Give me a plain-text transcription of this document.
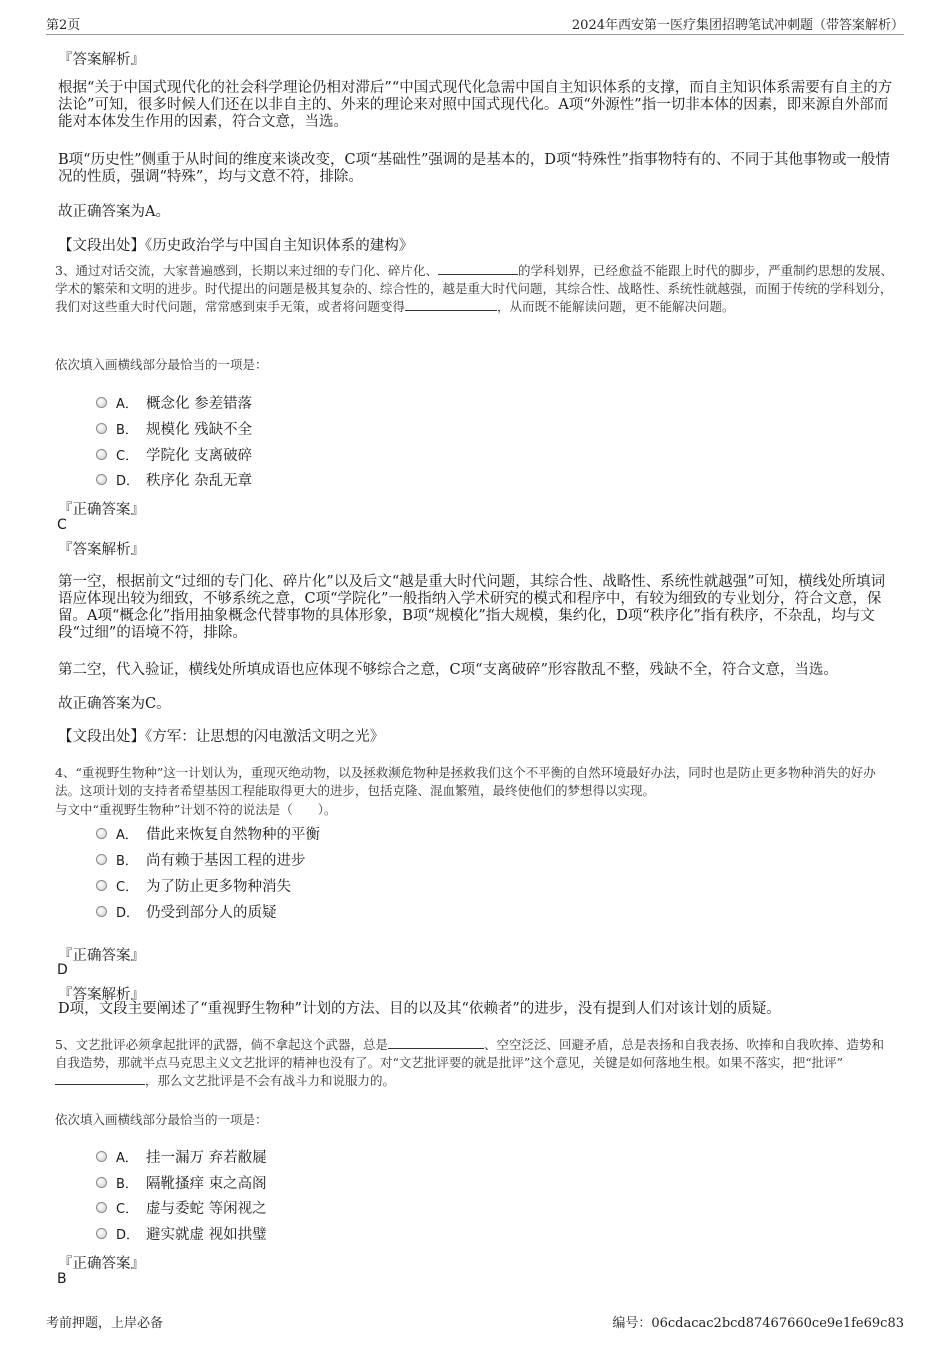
第2页	2024年西安第一医疗集团招聘笔试冲刺题（带答案解析）
『答案解析』
根据“关于中国式现代化的社会科学理论仍相对滞后”“中国式现代化急需中国自主知识体系的支撑，而自主知识体系需要有自主的方法论”可知，很多时候人们还在以非自主的、外来的理论来对照中国式现代化。A项“外源性”指一切非本体的因素，即来源自外部而能对本体发生作用的因素，符合文意，当选。
B项“历史性”侧重于从时间的维度来谈改变，C项“基础性”强调的是基本的，D项“特殊性”指事物特有的、不同于其他事物或一般情况的性质，强调“特殊”，均与文意不符，排除。
故正确答案为A。
【文段出处】《历史政治学与中国自主知识体系的建构》
3、通过对话交流，大家普遍感到，长期以来过细的专门化、碎片化、	的学科划界，已经愈益不能跟上时代的脚步，严重制约思想的发展、学术的繁荣和文明的进步。时代提出的问题是极其复杂的、综合性的，越是重大时代问题，其综合性、战略性、系统性就越强，而囿于传统的学科划分，我们对这些重大时代问题，常常感到束手无策，或者将问题变得	，从而既不能解读问题，更不能解决问题。
依次填入画横线部分最恰当的一项是：
A． 概念化 参差错落
B． 规模化 残缺不全
C． 学院化 支离破碎
D． 秩序化 杂乱无章
『正确答案』
C
『答案解析』
第一空，根据前文“过细的专门化、碎片化”以及后文“越是重大时代问题，其综合性、战略性、系统性就越强”可知，横线处所填词语应体现出较为细致，不够系统之意，C项“学院化”一般指纳入学术研究的模式和程序中，有较为细致的专业划分，符合文意，保留。A项“概念化”指用抽象概念代替事物的具体形象，B项“规模化”指大规模，集约化，D项“秩序化”指有秩序，不杂乱，均与文段“过细”的语境不符，排除。
第二空，代入验证，横线处所填成语也应体现不够综合之意，C项“支离破碎”形容散乱不整，残缺不全，符合文意，当选。
故正确答案为C。
【文段出处】《方军：让思想的闪电激活文明之光》
4、“重视野生物种”这一计划认为，重现灭绝动物，以及拯救濒危物种是拯救我们这个不平衡的自然环境最好办法，同时也是防止更多物种消失的好办法。这项计划的支持者希望基因工程能取得更大的进步，包括克隆、混血繁殖，最终使他们的梦想得以实现。
与文中“重视野生物种”计划不符的说法是（　　）。
A． 借此来恢复自然物种的平衡
B． 尚有赖于基因工程的进步
C． 为了防止更多物种消失
D． 仍受到部分人的质疑
『正确答案』
D
『答案解析』
D项，文段主要阐述了“重视野生物种”计划的方法、目的以及其“依赖者”的进步，没有提到人们对该计划的质疑。
5、文艺批评必须拿起批评的武器，倘不拿起这个武器，总是	、空空泛泛、回避矛盾，总是表扬和自我表扬、吹捧和自我吹捧、造势和自我造势，那就半点马克思主义文艺批评的精神也没有了。对“文艺批评要的就是批评”这个意见，关键是如何落地生根。如果不落实，把“批评”，那么文艺批评是不会有战斗力和说服力的。
依次填入画横线部分最恰当的一项是：
A． 挂一漏万 弃若敝屣
B． 隔靴搔痒 束之高阁
C． 虚与委蛇 等闲视之
D． 避实就虚 视如拱璧
『正确答案』
B
考前押题，上岸必备	编号：06cdacac2bcd87467660ce9e1fe69c83
